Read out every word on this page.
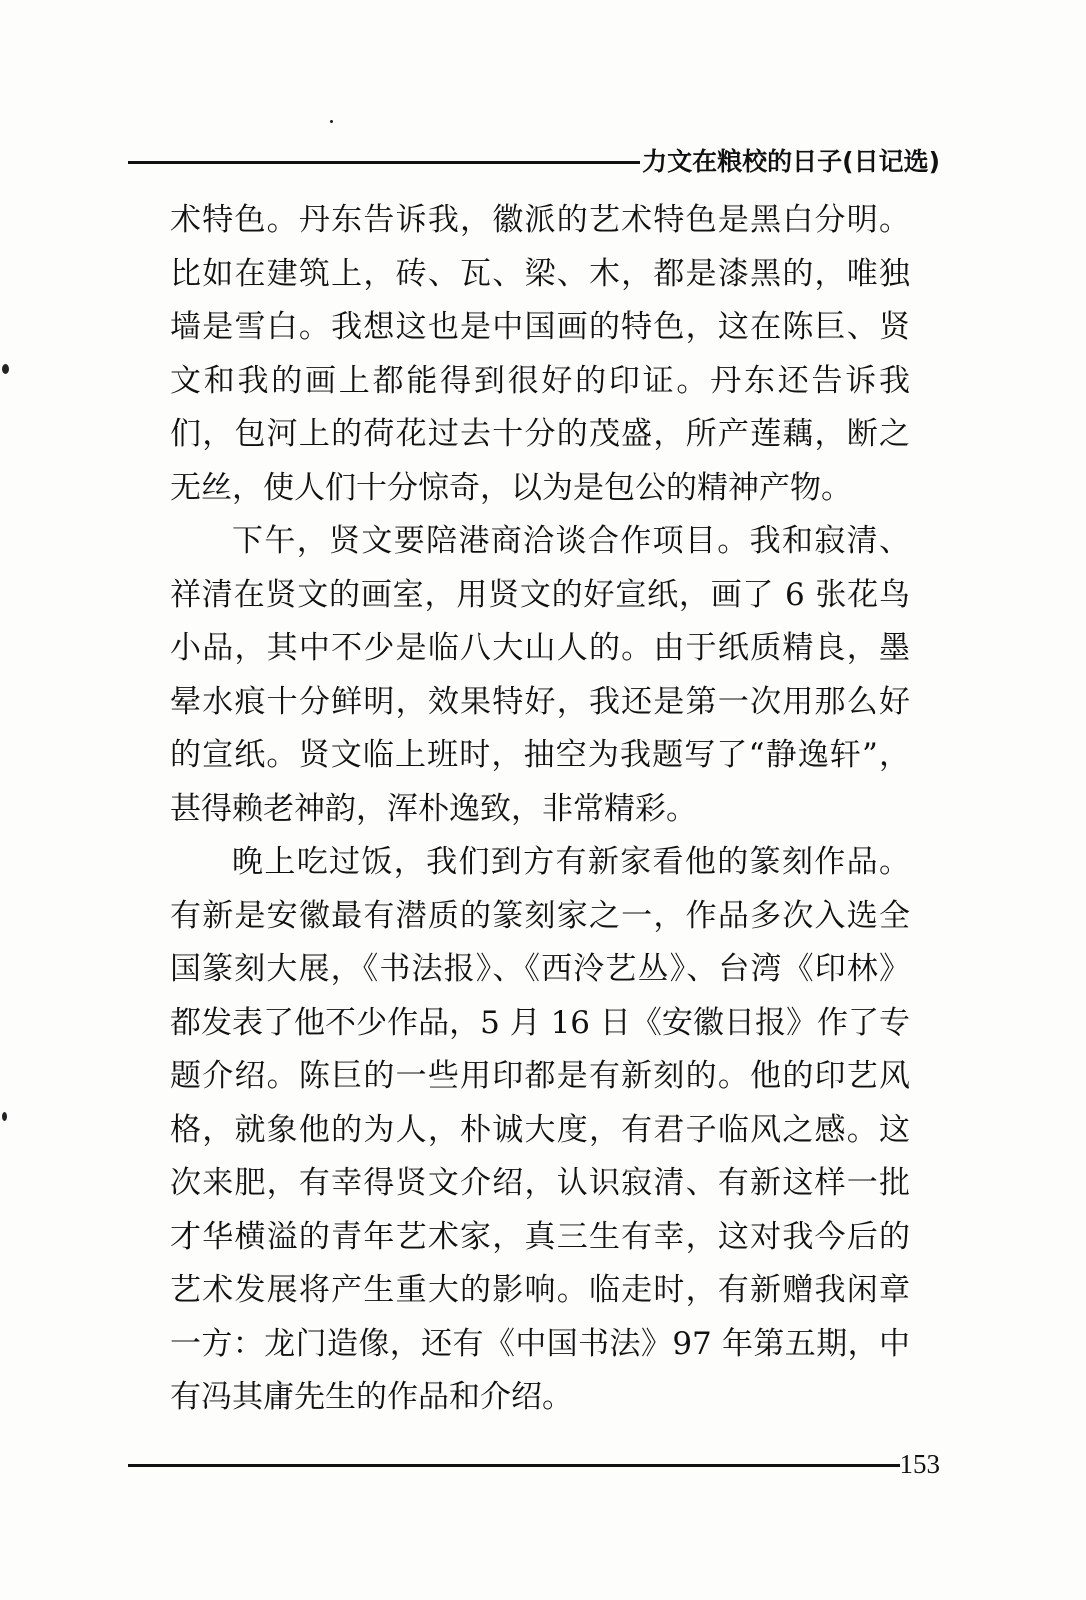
力文在粮校的日子(日记选)

术特色。丹东告诉我，徽派的艺术特色是黑白分明。比如在建筑上，砖、瓦、梁、木，都是漆黑的，唯独墙是雪白。我想这也是中国画的特色，这在陈巨、贤文和我的画上都能得到很好的印证。丹东还告诉我们，包河上的荷花过去十分的茂盛，所产莲藕，断之无丝，使人们十分惊奇，以为是包公的精神产物。

下午，贤文要陪港商洽谈合作项目。我和寂清、祥清在贤文的画室，用贤文的好宣纸，画了 6 张花鸟小品，其中不少是临八大山人的。由于纸质精良，墨晕水痕十分鲜明，效果特好，我还是第一次用那么好的宣纸。贤文临上班时，抽空为我题写了“静逸轩”，甚得赖老神韵，浑朴逸致，非常精彩。

晚上吃过饭，我们到方有新家看他的篆刻作品。有新是安徽最有潜质的篆刻家之一，作品多次入选全国篆刻大展，《书法报》、《西泠艺丛》、台湾《印林》都发表了他不少作品，5 月 16 日《安徽日报》作了专题介绍。陈巨的一些用印都是有新刻的。他的印艺风格，就象他的为人，朴诚大度，有君子临风之感。这次来肥，有幸得贤文介绍，认识寂清、有新这样一批才华横溢的青年艺术家，真三生有幸，这对我今后的艺术发展将产生重大的影响。临走时，有新赠我闲章一方：龙门造像，还有《中国书法》97 年第五期，中有冯其庸先生的作品和介绍。

153
